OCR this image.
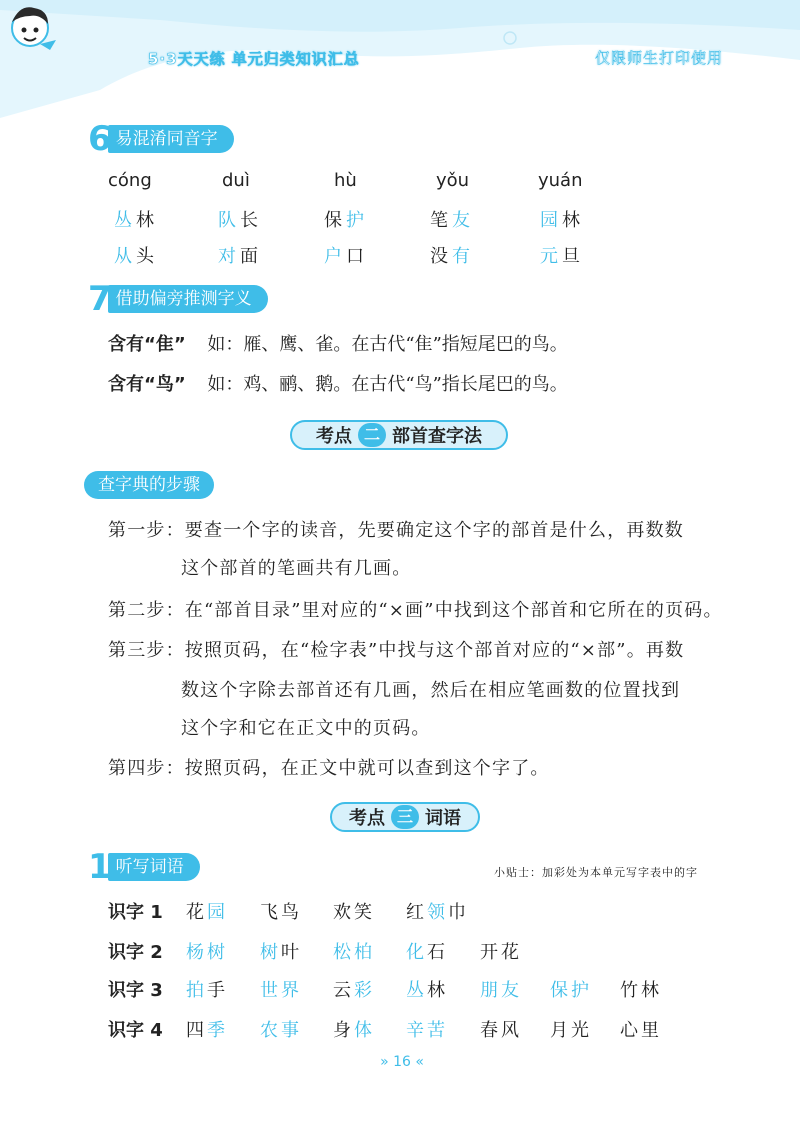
5·3天天练 单元归类知识汇总	仅限师生打印使用
6 易混淆同音字
cóng	duì	hù	yǒu	yuán
丛林	队长	保护	笔友	园林
从头	对面	户口	没有	元旦
7 借助偏旁推测字义
含有“隹” 如：雁、鹰、雀。在古代“隹”指短尾巴的鸟。
含有“鸟” 如：鸡、鹂、鹅。在古代“鸟”指长尾巴的鸟。
考点 二 部首查字法
查字典的步骤
第一步：要查一个字的读音，先要确定这个字的部首是什么，再数数
这个部首的笔画共有几画。
第二步：在“部首目录”里对应的“×画”中找到这个部首和它所在的页码。
第三步：按照页码，在“检字表”中找与这个部首对应的“×部”。再数
数这个字除去部首还有几画，然后在相应笔画数的位置找到
这个字和它在正文中的页码。
第四步：按照页码，在正文中就可以查到这个字了。
考点 三 词语
1 听写词语	小贴士：加彩处为本单元写字表中的字
识字 1 花园 飞鸟 欢笑 红领巾
识字 2 杨树 树叶 松柏 化石 开花
识字 3 拍手 世界 云彩 丛林 朋友 保护 竹林
识字 4 四季 农事 身体 辛苦 春风 月光 心里
» 16 «
